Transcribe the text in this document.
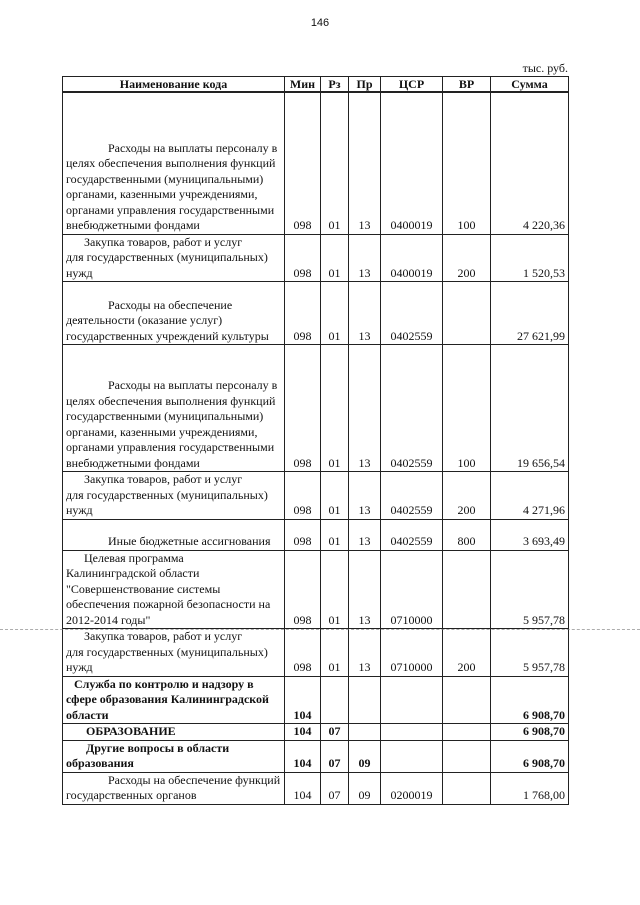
146
тыс. руб.
Наименование кода	Мин	Рз	Пр	ЦСР	ВР	Сумма

Расходы на выплаты персоналу в
целях обеспечения выполнения функций государственными (муниципальными) органами, казенными учреждениями, органами управления государственными внебюджетными фондами	098	01	13	0400019	100	4 220,36

Закупка товаров, работ и услуг
для государственных (муниципальных) нужд	098	01	13	0400019	200	1 520,53

Расходы на обеспечение
деятельности (оказание услуг) государственных учреждений культуры	098	01	13	0402559		27 621,99

Расходы на выплаты персоналу в
целях обеспечения выполнения функций государственными (муниципальными) органами, казенными учреждениями, органами управления государственными внебюджетными фондами	098	01	13	0402559	100	19 656,54

Закупка товаров, работ и услуг
для государственных (муниципальных) нужд	098	01	13	0402559	200	4 271,96

Иные бюджетные ассигнования	098	01	13	0402559	800	3 693,49

Целевая программа
Калининградской области "Совершенствование системы обеспечения пожарной безопасности на 2012-2014 годы"	098	01	13	0710000		5 957,78

Закупка товаров, работ и услуг
для государственных (муниципальных) нужд	098	01	13	0710000	200	5 957,78

Служба по контролю и надзору в
сфере образования Калининградской области	104					6 908,70

ОБРАЗОВАНИЕ	104	07				6 908,70

Другие вопросы в области
образования	104	07	09			6 908,70

Расходы на обеспечение функций
государственных органов	104	07	09	0200019		1 768,00
